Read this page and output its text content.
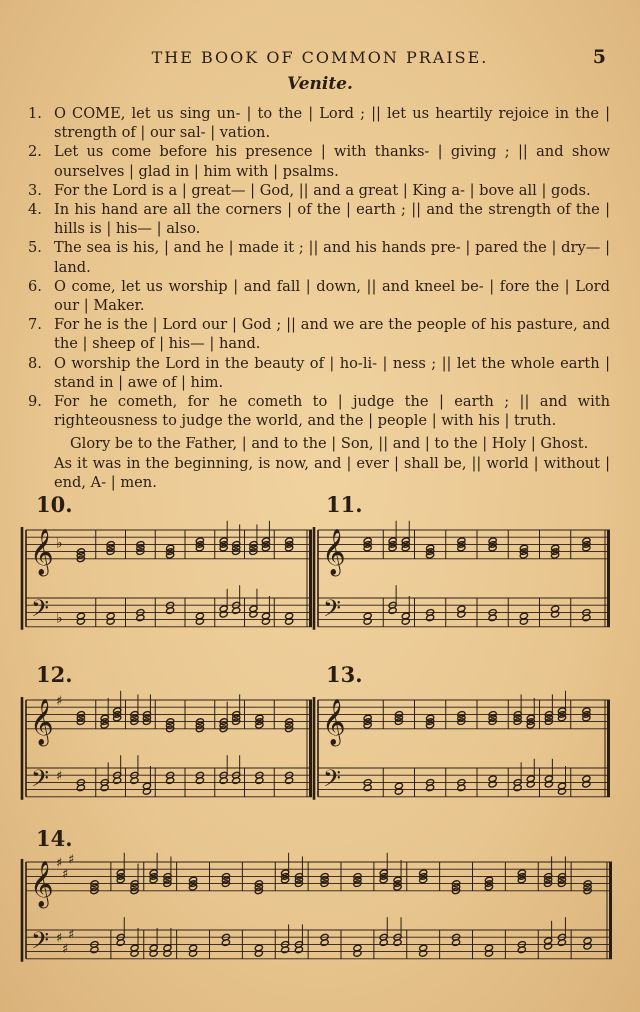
THE BOOK OF COMMON PRAISE.	5
Venite.
1. O COME, let us sing un- | to the | Lord ; || let us heartily rejoice in the | strength of | our sal- | vation.
2. Let us come before his presence | with thanks- | giving ; || and show ourselves | glad in | him with | psalms.
3. For the Lord is a | great— | God, || and a great | King a- | bove all | gods.
4. In his hand are all the corners | of the | earth ; || and the strength of the | hills is | his— | also.
5. The sea is his, | and he | made it ; || and his hands pre- | pared the | dry— | land.
6. O come, let us worship | and fall | down, || and kneel be- | fore the | Lord our | Maker.
7. For he is the | Lord our | God ; || and we are the people of his pasture, and the | sheep of | his— | hand.
8. O worship the Lord in the beauty of | ho-li- | ness ; || let the whole earth | stand in | awe of | him.
9. For he cometh, for he cometh to | judge the | earth ; || and with righteousness to judge the world, and the | people | with his | truth.
Glory be to the Father, | and to the | Son, || and | to the | Holy | Ghost.
As it was in the beginning, is now, and | ever | shall be, || world | without | end, A- | men.
10.	11.
12.	13.
14.
𝄞
𝄢
♭
♭
𝄞
𝄢
𝄞
𝄢
♯
♯
𝄞
𝄢
𝄞
𝄢
♯
♯
♯
♯
♯
♯
